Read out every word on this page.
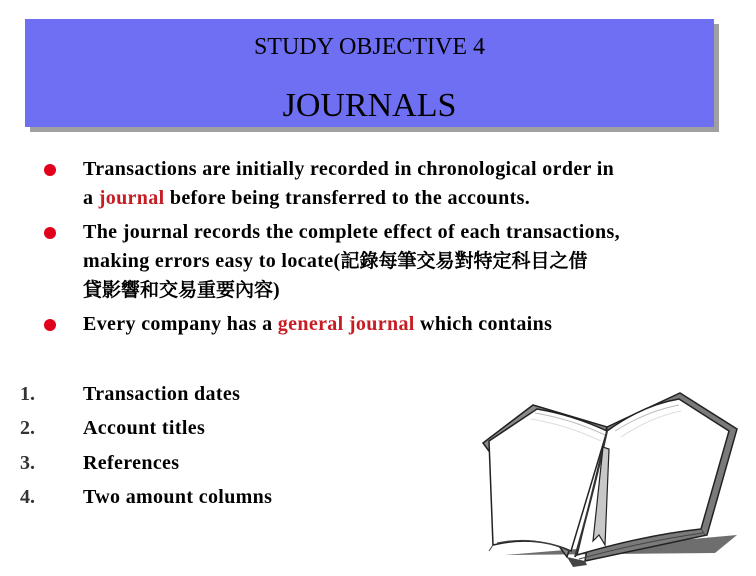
STUDY OBJECTIVE 4
JOURNALS
Transactions are initially recorded in chronological order in
a journal before being transferred to the accounts.
The journal records the complete effect of each transactions,
making errors easy to locate(記錄每筆交易對特定科目之借
貸影響和交易重要內容)
Every company has a general journal which contains
1. Transaction dates
2. Account titles
3. References
4. Two amount columns
